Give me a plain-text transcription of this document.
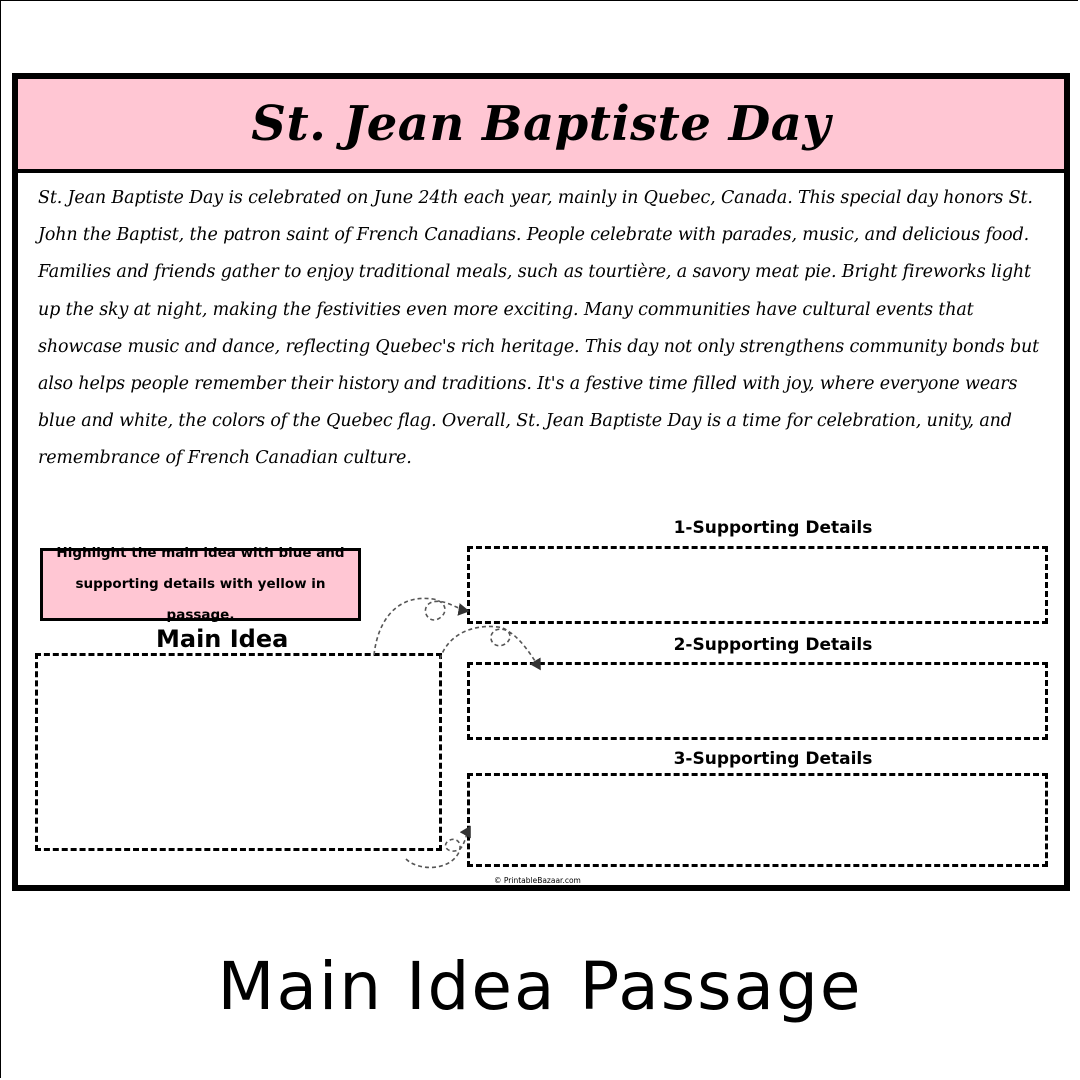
St. Jean Baptiste Day

St. Jean Baptiste Day is celebrated on June 24th each year, mainly in Quebec, Canada. This special day honors St. John the Baptist, the patron saint of French Canadians. People celebrate with parades, music, and delicious food. Families and friends gather to enjoy traditional meals, such as tourtière, a savory meat pie. Bright fireworks light up the sky at night, making the festivities even more exciting. Many communities have cultural events that showcase music and dance, reflecting Quebec's rich heritage. This day not only strengthens community bonds but also helps people remember their history and traditions. It's a festive time filled with joy, where everyone wears blue and white, the colors of the Quebec flag. Overall, St. Jean Baptiste Day is a time for celebration, unity, and remembrance of French Canadian culture.

Highlight the main idea with blue and supporting details with yellow in passage.

Main Idea
1-Supporting Details
2-Supporting Details
3-Supporting Details
© PrintableBazaar.com
Main Idea Passage
